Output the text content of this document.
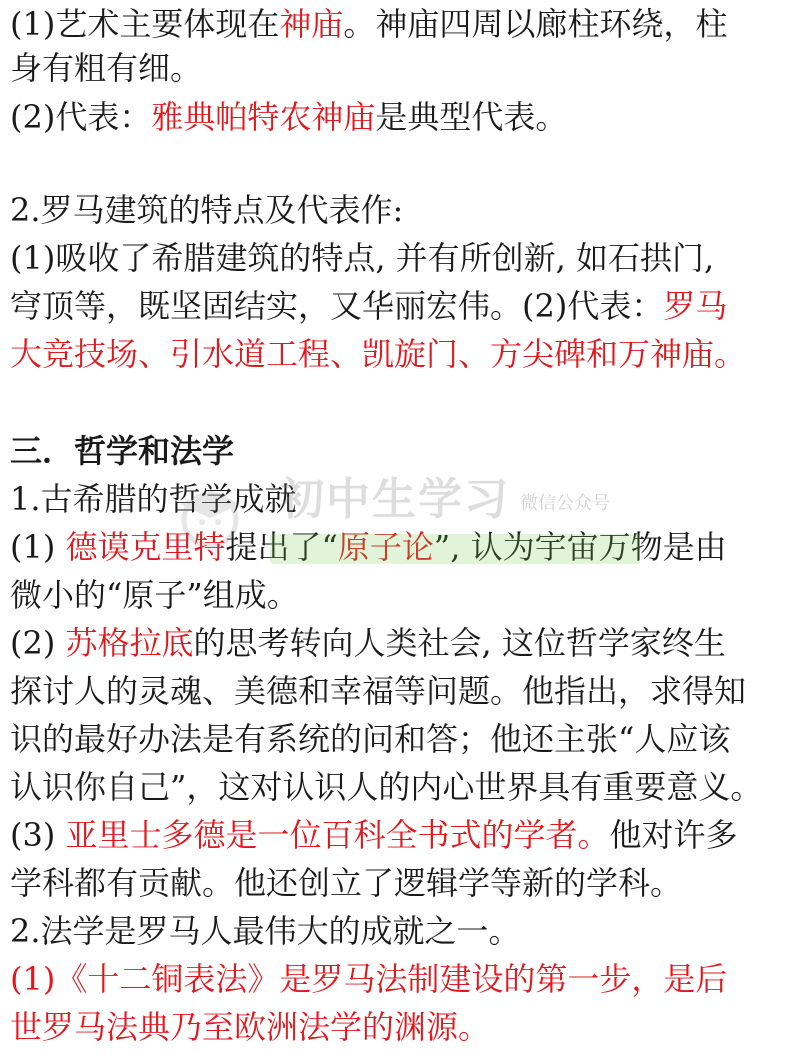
(1)艺术主要体现在神庙。神庙四周以廊柱环绕，柱
身有粗有细。
(2)代表：雅典帕特农神庙是典型代表。
2.罗马建筑的特点及代表作:
(1)吸收了希腊建筑的特点, 并有所创新, 如石拱门,
穹顶等，既坚固结实，又华丽宏伟。(2)代表：罗马
大竞技场、引水道工程、凯旋门、方尖碑和万神庙。
三．哲学和法学
1.古希腊的哲学成就
(1) 德谟克里特提出了“原子论”, 认为宇宙万物是由
微小的“原子”组成。
(2) 苏格拉底的思考转向人类社会, 这位哲学家终生
探讨人的灵魂、美德和幸福等问题。他指出，求得知
识的最好办法是有系统的问和答；他还主张“人应该
认识你自己”，这对认识人的内心世界具有重要意义。
(3) 亚里士多德是一位百科全书式的学者。他对许多
学科都有贡献。他还创立了逻辑学等新的学科。
2.法学是罗马人最伟大的成就之一。
(1)《十二铜表法》是罗马法制建设的第一步，是后
世罗马法典乃至欧洲法学的渊源。
初中生学习 微信公众号
